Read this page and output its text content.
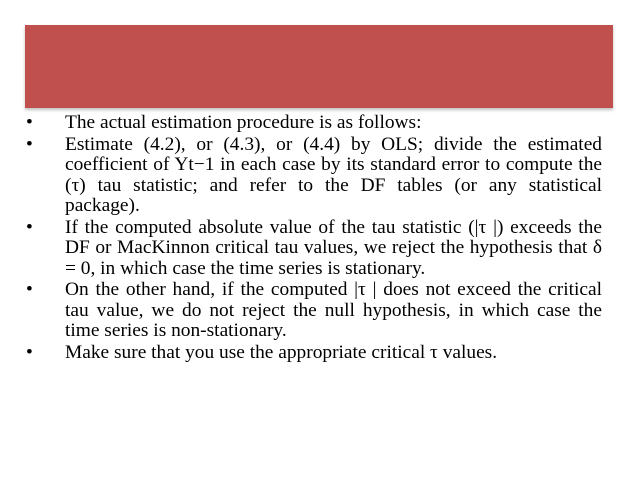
•	The actual estimation procedure is as follows:
•	Estimate (4.2), or (4.3), or (4.4) by OLS; divide the estimated coefficient of Yt−1 in each case by its standard error to compute the (τ) tau statistic; and refer to the DF tables (or any statistical package).
•	If the computed absolute value of the tau statistic (|τ |) exceeds the DF or MacKinnon critical tau values, we reject the hypothesis that δ = 0, in which case the time series is stationary.
•	On the other hand, if the computed |τ | does not exceed the critical tau value, we do not reject the null hypothesis, in which case the time series is non-stationary.
•	Make sure that you use the appropriate critical τ values.
